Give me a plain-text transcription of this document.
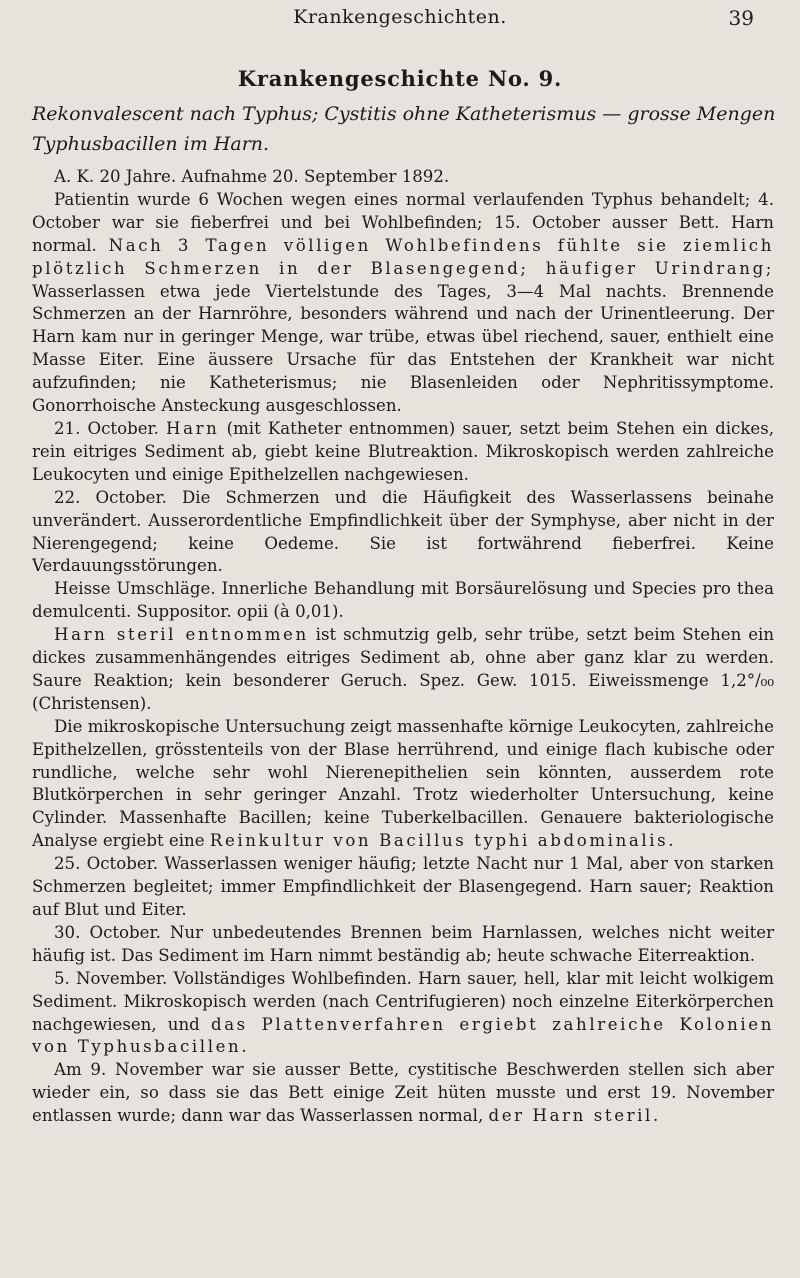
Krankengeschichten.	39
Krankengeschichte No. 9.
Rekonvalescent nach Typhus; Cystitis ohne Katheterismus — grosse Mengen Typhusbacillen im Harn.

A. K. 20 Jahre. Aufnahme 20. September 1892.

Patientin wurde 6 Wochen wegen eines normal verlaufenden Typhus behandelt; 4. October war sie fieberfrei und bei Wohlbefinden; 15. October ausser Bett. Harn normal. Nach 3 Tagen völligen Wohlbefindens fühlte sie ziemlich plötzlich Schmerzen in der Blasengegend; häufiger Urindrang; Wasserlassen etwa jede Viertelstunde des Tages, 3—4 Mal nachts. Brennende Schmerzen an der Harnröhre, besonders während und nach der Urinentleerung. Der Harn kam nur in geringer Menge, war trübe, etwas übel riechend, sauer, enthielt eine Masse Eiter. Eine äussere Ursache für das Entstehen der Krankheit war nicht aufzufinden; nie Katheterismus; nie Blasenleiden oder Nephritissymptome. Gonorrhoische Ansteckung ausgeschlossen.

21. October. Harn (mit Katheter entnommen) sauer, setzt beim Stehen ein dickes, rein eitriges Sediment ab, giebt keine Blutreaktion. Mikroskopisch werden zahlreiche Leukocyten und einige Epithelzellen nachgewiesen.

22. October. Die Schmerzen und die Häufigkeit des Wasserlassens beinahe unverändert. Ausserordentliche Empfindlichkeit über der Symphyse, aber nicht in der Nierengegend; keine Oedeme. Sie ist fortwährend fieberfrei. Keine Verdauungsstörungen.

Heisse Umschläge. Innerliche Behandlung mit Borsäurelösung und Species pro thea demulcenti. Suppositor. opii (à 0,01).

Harn steril entnommen ist schmutzig gelb, sehr trübe, setzt beim Stehen ein dickes zusammenhängendes eitriges Sediment ab, ohne aber ganz klar zu werden. Saure Reaktion; kein besonderer Geruch. Spez. Gew. 1015. Eiweissmenge 1,2°/₀₀ (Christensen).

Die mikroskopische Untersuchung zeigt massenhafte körnige Leukocyten, zahlreiche Epithelzellen, grösstenteils von der Blase herrührend, und einige flach kubische oder rundliche, welche sehr wohl Nierenepithelien sein könnten, ausserdem rote Blutkörperchen in sehr geringer Anzahl. Trotz wiederholter Untersuchung, keine Cylinder. Massenhafte Bacillen; keine Tuberkelbacillen. Genauere bakteriologische Analyse ergiebt eine Reinkultur von Bacillus typhi abdominalis.

25. October. Wasserlassen weniger häufig; letzte Nacht nur 1 Mal, aber von starken Schmerzen begleitet; immer Empfindlichkeit der Blasengegend. Harn sauer; Reaktion auf Blut und Eiter.

30. October. Nur unbedeutendes Brennen beim Harnlassen, welches nicht weiter häufig ist. Das Sediment im Harn nimmt beständig ab; heute schwache Eiterreaktion.

5. November. Vollständiges Wohlbefinden. Harn sauer, hell, klar mit leicht wolkigem Sediment. Mikroskopisch werden (nach Centrifugieren) noch einzelne Eiterkörperchen nachgewiesen, und das Plattenverfahren ergiebt zahlreiche Kolonien von Typhusbacillen.

Am 9. November war sie ausser Bette, cystitische Beschwerden stellen sich aber wieder ein, so dass sie das Bett einige Zeit hüten musste und erst 19. November entlassen wurde; dann war das Wasserlassen normal, der Harn steril.
